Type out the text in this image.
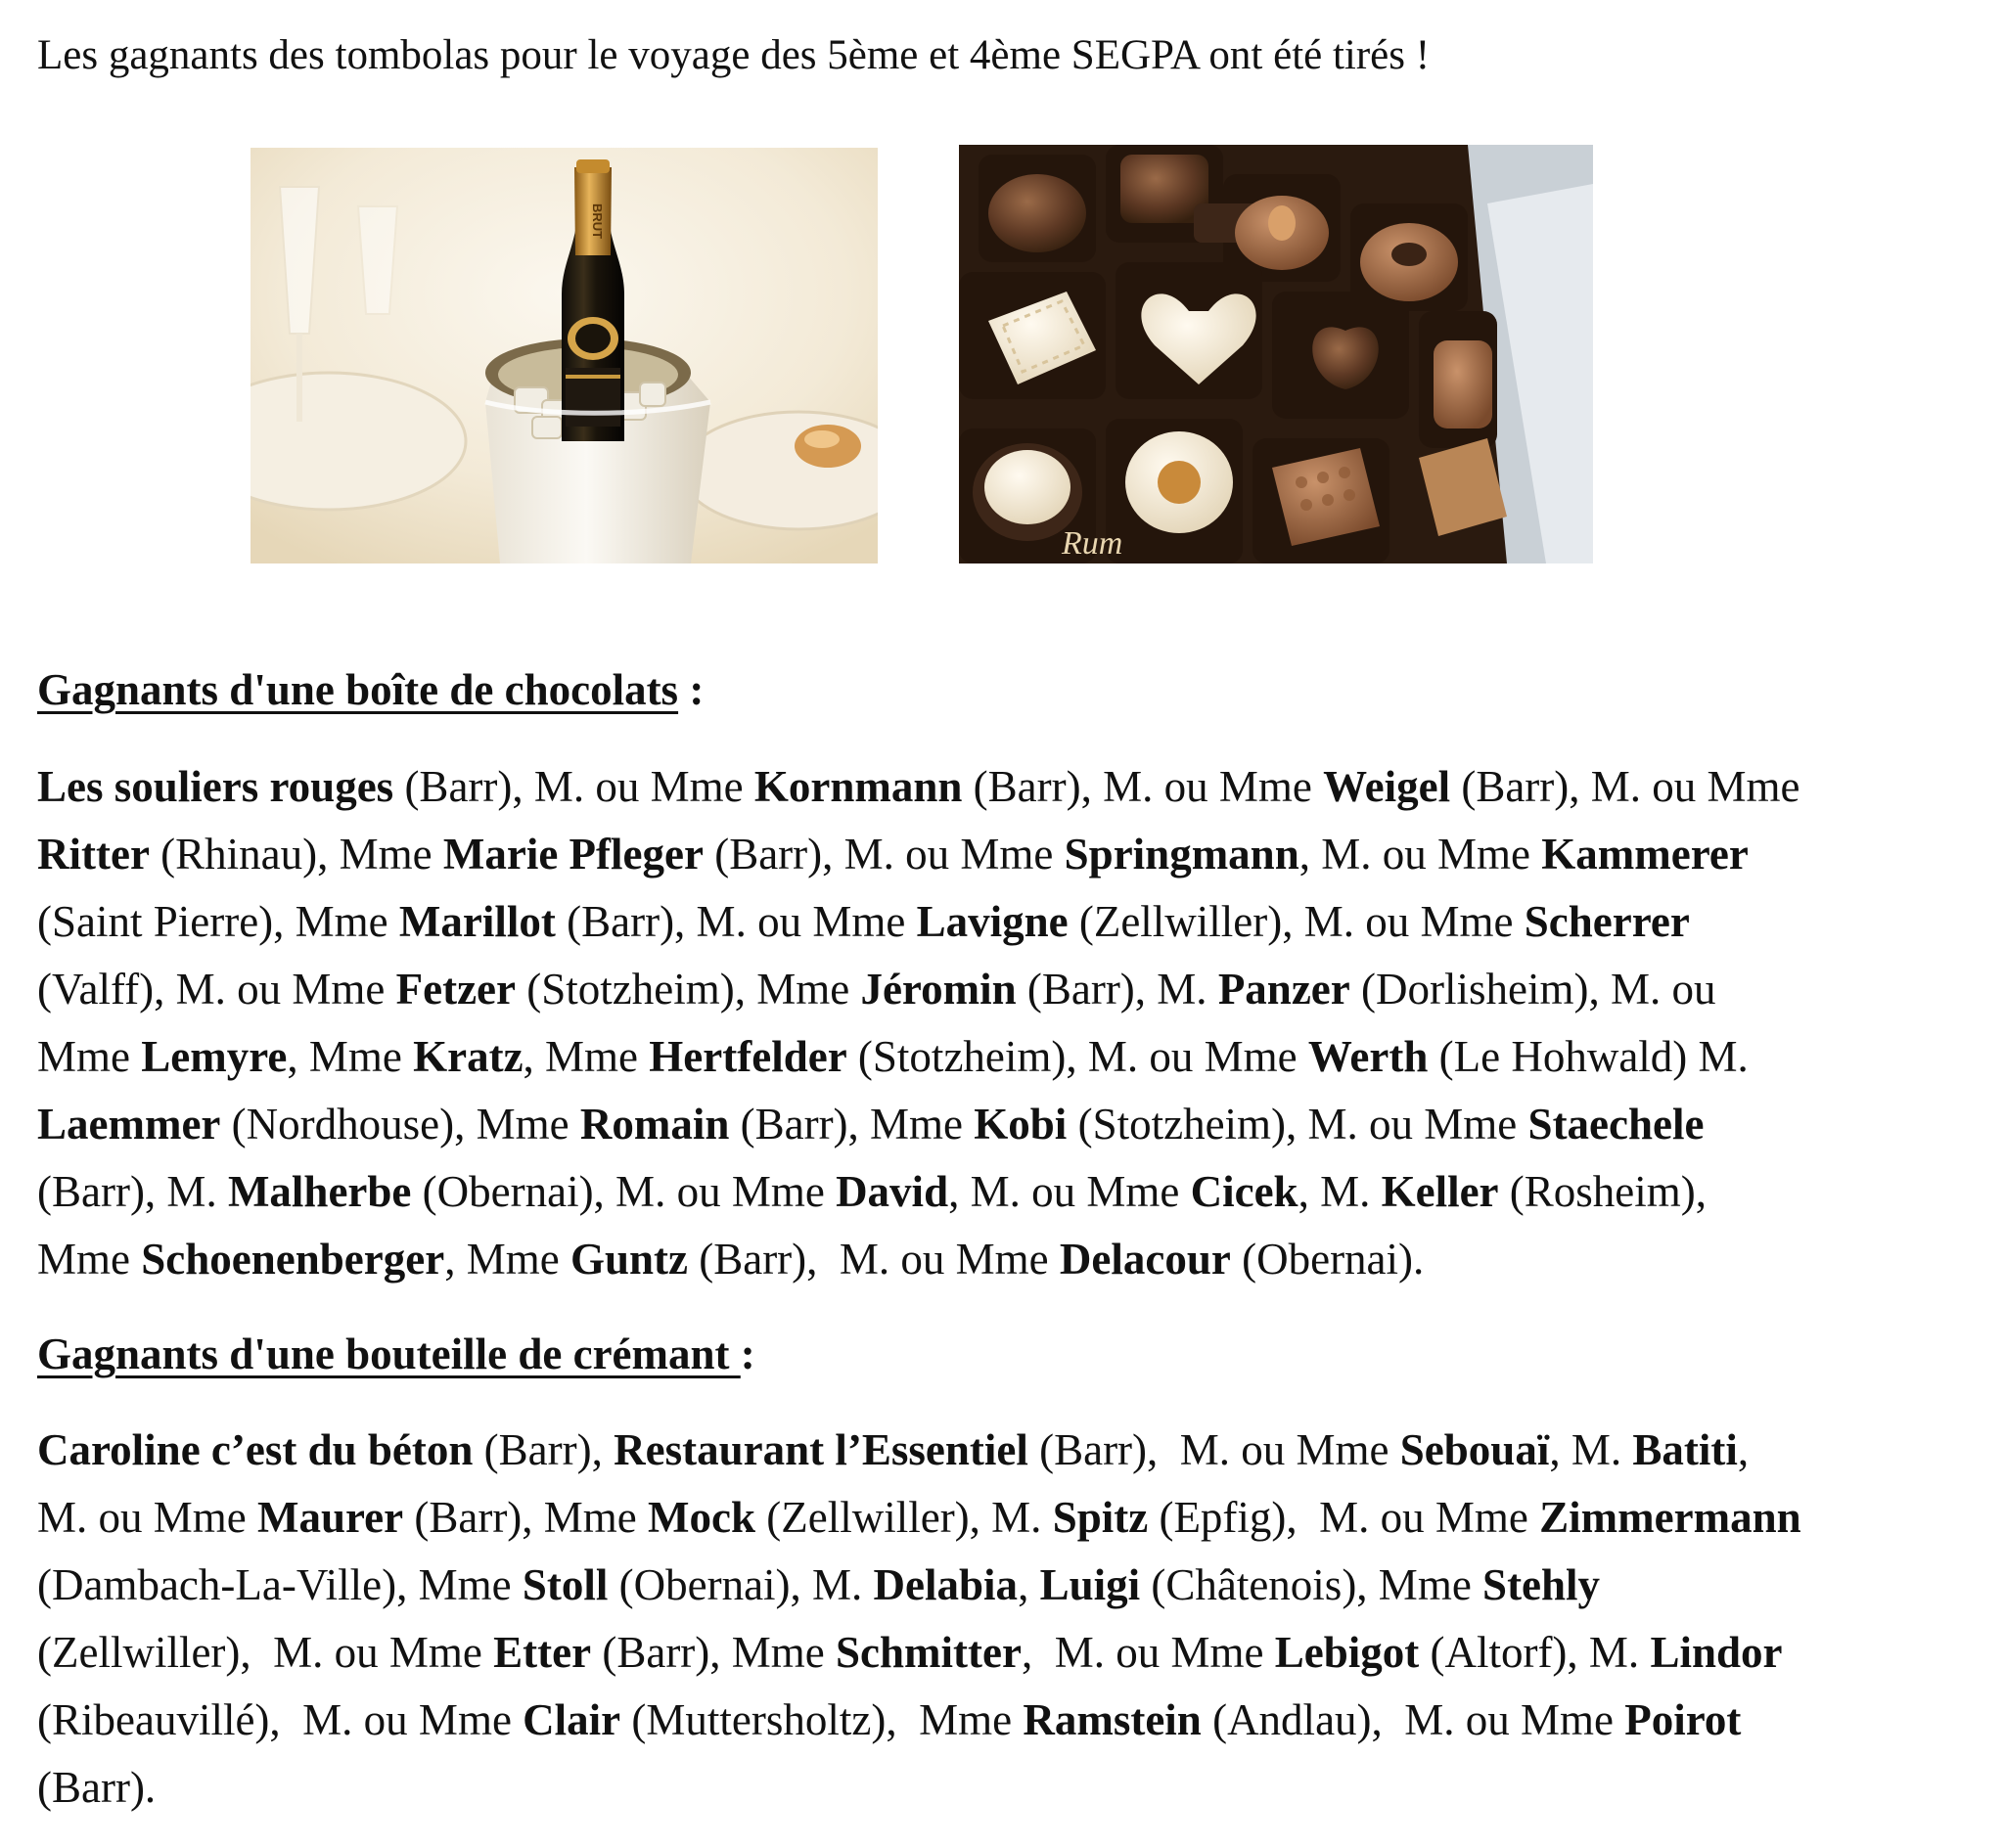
Les gagnants des tombolas pour le voyage des 5ème et 4ème SEGPA ont été tirés !

BRUT
Rum
Gagnants d'une boîte de chocolats :
Les souliers rouges (Barr), M. ou Mme Kornmann (Barr), M. ou Mme Weigel (Barr), M. ou Mme
Ritter (Rhinau), Mme Marie Pfleger (Barr), M. ou Mme Springmann, M. ou Mme Kammerer
(Saint Pierre), Mme Marillot (Barr), M. ou Mme Lavigne (Zellwiller), M. ou Mme Scherrer
(Valff), M. ou Mme Fetzer (Stotzheim), Mme Jéromin (Barr), M. Panzer (Dorlisheim), M. ou
Mme Lemyre, Mme Kratz, Mme Hertfelder (Stotzheim), M. ou Mme Werth (Le Hohwald) M.
Laemmer (Nordhouse), Mme Romain (Barr), Mme Kobi (Stotzheim), M. ou Mme Staechele
(Barr), M. Malherbe (Obernai), M. ou Mme David, M. ou Mme Cicek, M. Keller (Rosheim),
Mme Schoenenberger, Mme Guntz (Barr),  M. ou Mme Delacour (Obernai).
Gagnants d'une bouteille de crémant :
Caroline c’est du béton (Barr), Restaurant l’Essentiel (Barr),  M. ou Mme Sebouaï, M. Batiti,
M. ou Mme Maurer (Barr), Mme Mock (Zellwiller), M. Spitz (Epfig),  M. ou Mme Zimmermann
(Dambach-La-Ville), Mme Stoll (Obernai), M. Delabia, Luigi (Châtenois), Mme Stehly
(Zellwiller),  M. ou Mme Etter (Barr), Mme Schmitter,  M. ou Mme Lebigot (Altorf), M. Lindor
(Ribeauvillé),  M. ou Mme Clair (Muttersholtz),  Mme Ramstein (Andlau),  M. ou Mme Poirot
(Barr).
